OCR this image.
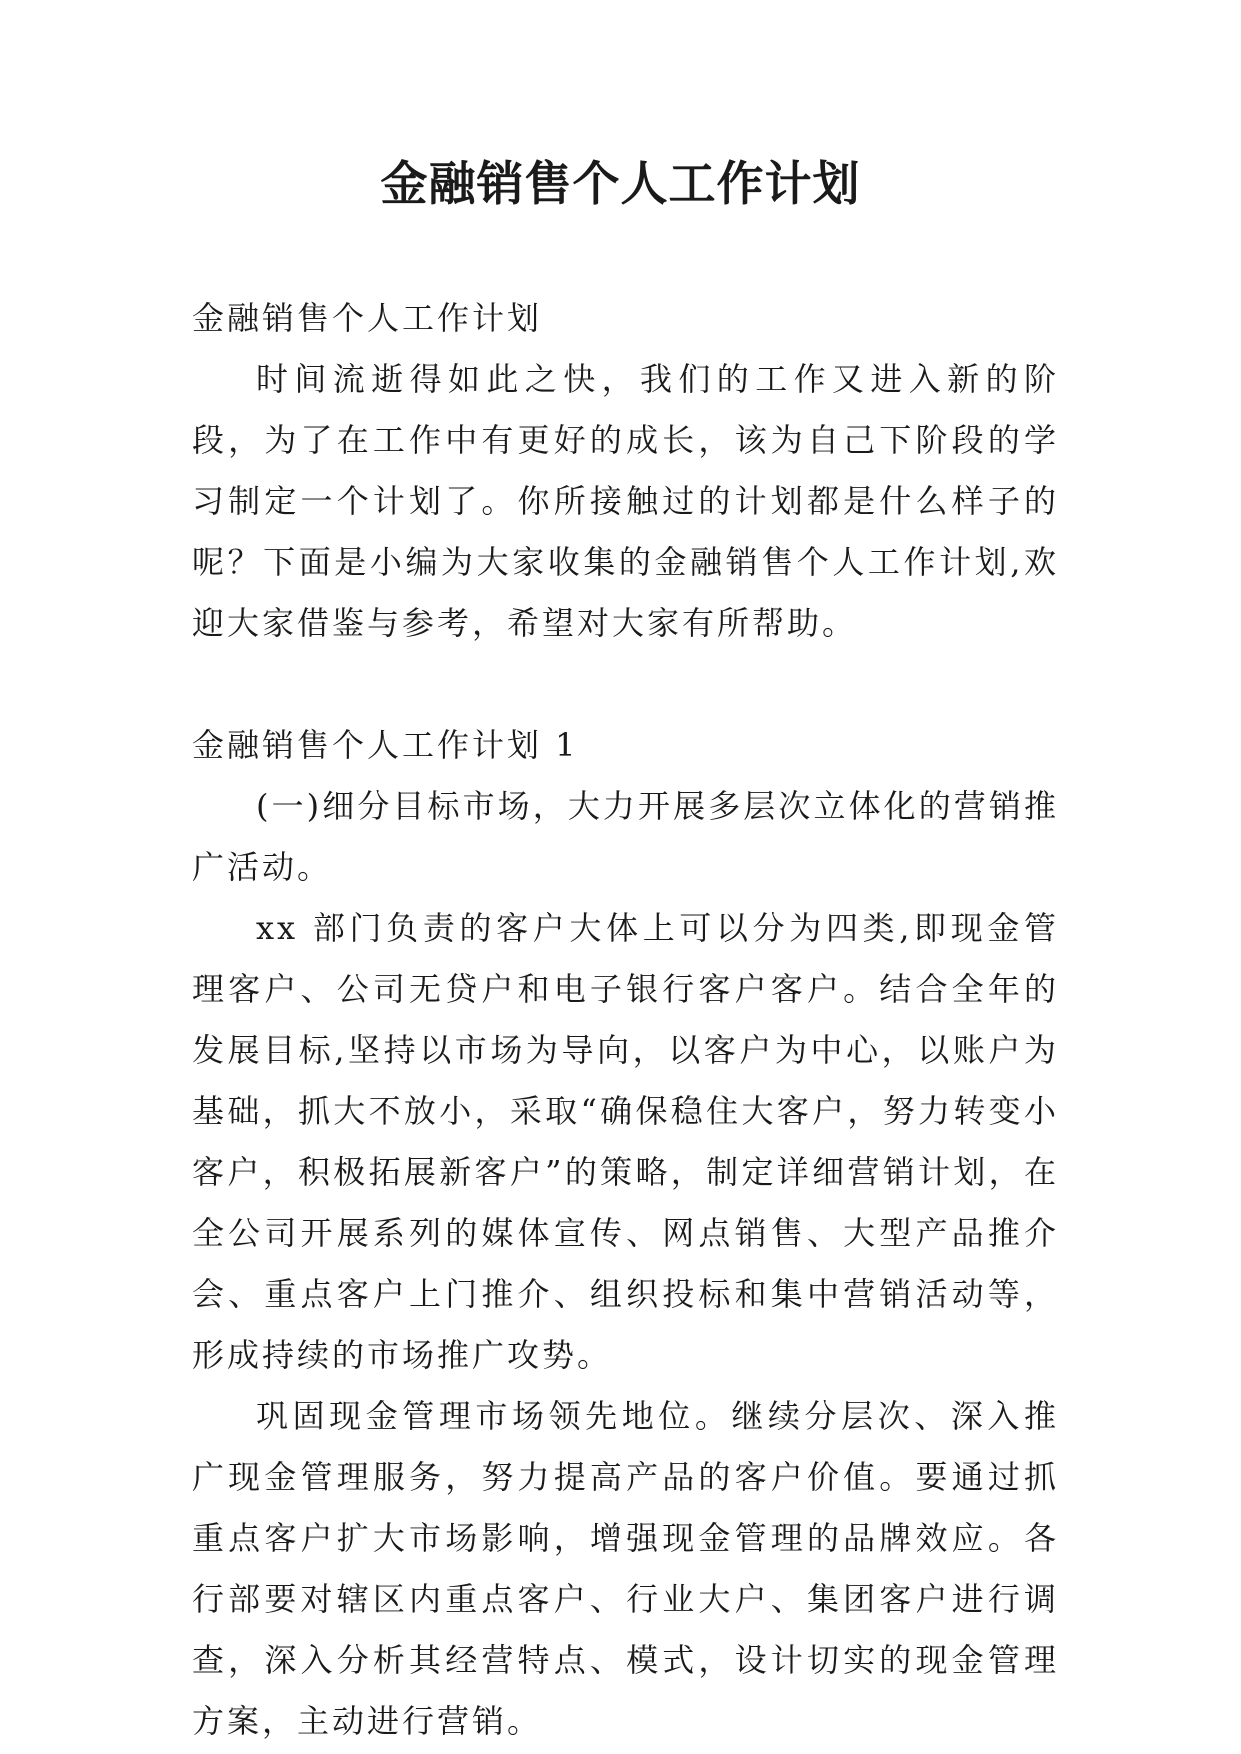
金融销售个人工作计划

金融销售个人工作计划

时间流逝得如此之快，我们的工作又进入新的阶段，为了在工作中有更好的成长，该为自己下阶段的学习制定一个计划了。你所接触过的计划都是什么样子的呢？下面是小编为大家收集的金融销售个人工作计划,欢迎大家借鉴与参考，希望对大家有所帮助。

金融销售个人工作计划 1

(一)细分目标市场，大力开展多层次立体化的营销推广活动。

xx 部门负责的客户大体上可以分为四类,即现金管理客户、公司无贷户和电子银行客户客户。结合全年的发展目标,坚持以市场为导向，以客户为中心，以账户为基础，抓大不放小，采取“确保稳住大客户，努力转变小客户，积极拓展新客户”的策略，制定详细营销计划，在全公司开展系列的媒体宣传、网点销售、大型产品推介会、重点客户上门推介、组织投标和集中营销活动等，形成持续的市场推广攻势。

巩固现金管理市场领先地位。继续分层次、深入推广现金管理服务，努力提高产品的客户价值。要通过抓重点客户扩大市场影响，增强现金管理的品牌效应。各行部要对辖区内重点客户、行业大户、集团客户进行调查，深入分析其经营特点、模式，设计切实的现金管理方案，主动进行营销。
